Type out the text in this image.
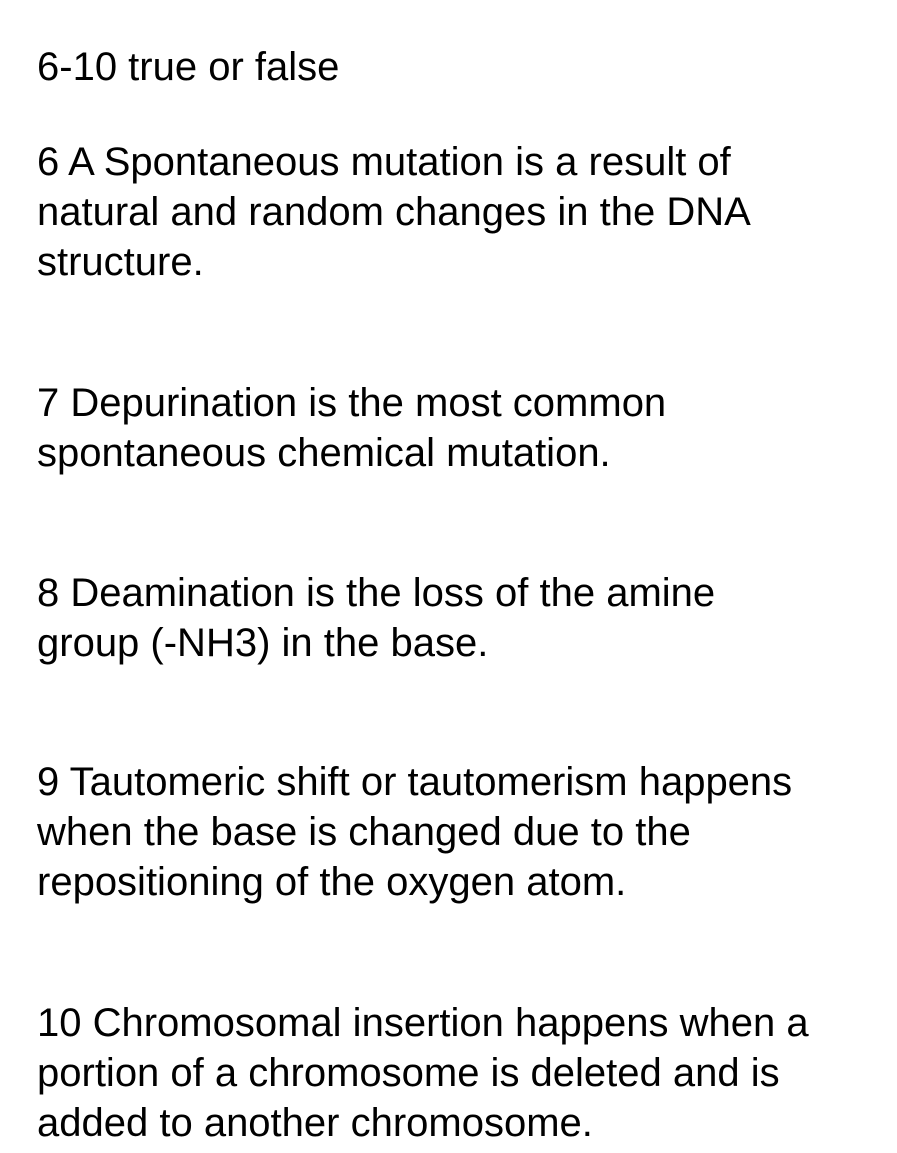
6-10 true or false
6 A Spontaneous mutation is a result of
natural and random changes in the DNA
structure.
7 Depurination is the most common
spontaneous chemical mutation.
8 Deamination is the loss of the amine
group (-NH3) in the base.
9 Tautomeric shift or tautomerism happens
when the base is changed due to the
repositioning of the oxygen atom.
10 Chromosomal insertion happens when a
portion of a chromosome is deleted and is
added to another chromosome.
